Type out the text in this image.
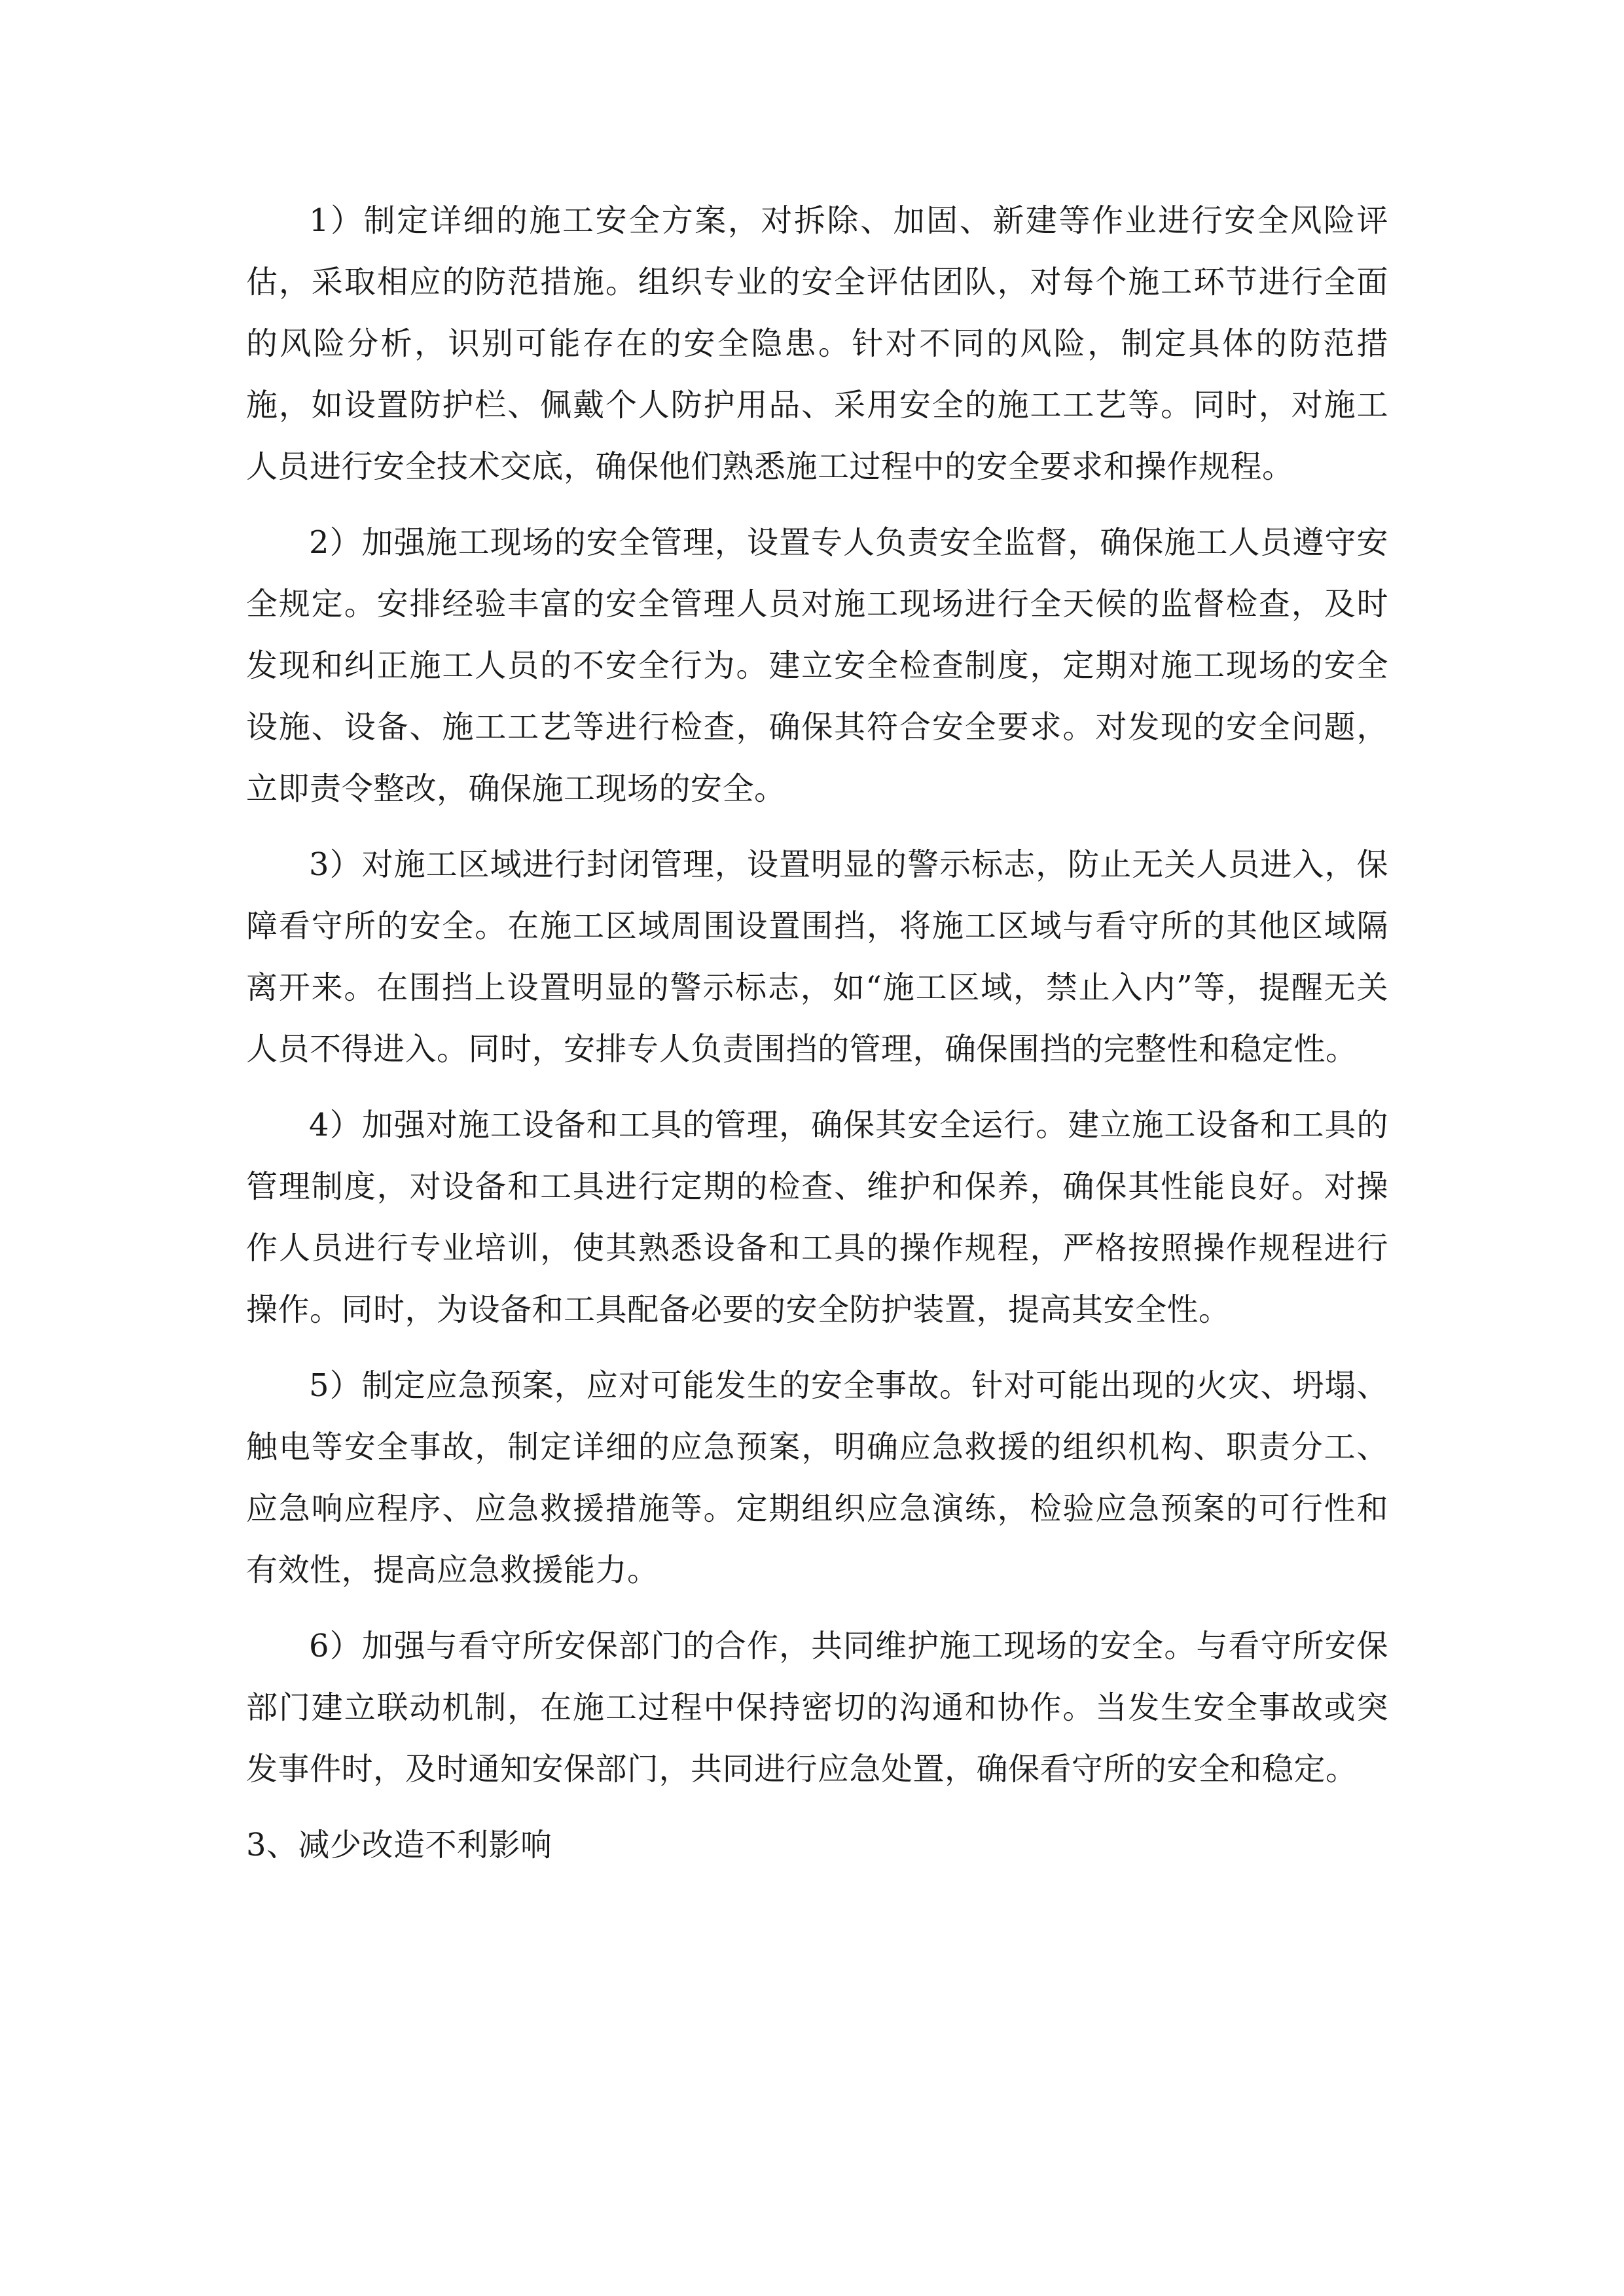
1）制定详细的施工安全方案，对拆除、加固、新建等作业进行安全风险评估，采取相应的防范措施。组织专业的安全评估团队，对每个施工环节进行全面的风险分析，识别可能存在的安全隐患。针对不同的风险，制定具体的防范措施，如设置防护栏、佩戴个人防护用品、采用安全的施工工艺等。同时，对施工人员进行安全技术交底，确保他们熟悉施工过程中的安全要求和操作规程。

2）加强施工现场的安全管理，设置专人负责安全监督，确保施工人员遵守安全规定。安排经验丰富的安全管理人员对施工现场进行全天候的监督检查，及时发现和纠正施工人员的不安全行为。建立安全检查制度，定期对施工现场的安全设施、设备、施工工艺等进行检查，确保其符合安全要求。对发现的安全问题，立即责令整改，确保施工现场的安全。

3）对施工区域进行封闭管理，设置明显的警示标志，防止无关人员进入，保障看守所的安全。在施工区域周围设置围挡，将施工区域与看守所的其他区域隔离开来。在围挡上设置明显的警示标志，如“施工区域，禁止入内”等，提醒无关人员不得进入。同时，安排专人负责围挡的管理，确保围挡的完整性和稳定性。

4）加强对施工设备和工具的管理，确保其安全运行。建立施工设备和工具的管理制度，对设备和工具进行定期的检查、维护和保养，确保其性能良好。对操作人员进行专业培训，使其熟悉设备和工具的操作规程，严格按照操作规程进行操作。同时，为设备和工具配备必要的安全防护装置，提高其安全性。

5）制定应急预案，应对可能发生的安全事故。针对可能出现的火灾、坍塌、触电等安全事故，制定详细的应急预案，明确应急救援的组织机构、职责分工、应急响应程序、应急救援措施等。定期组织应急演练，检验应急预案的可行性和有效性，提高应急救援能力。

6）加强与看守所安保部门的合作，共同维护施工现场的安全。与看守所安保部门建立联动机制，在施工过程中保持密切的沟通和协作。当发生安全事故或突发事件时，及时通知安保部门，共同进行应急处置，确保看守所的安全和稳定。

3、减少改造不利影响
